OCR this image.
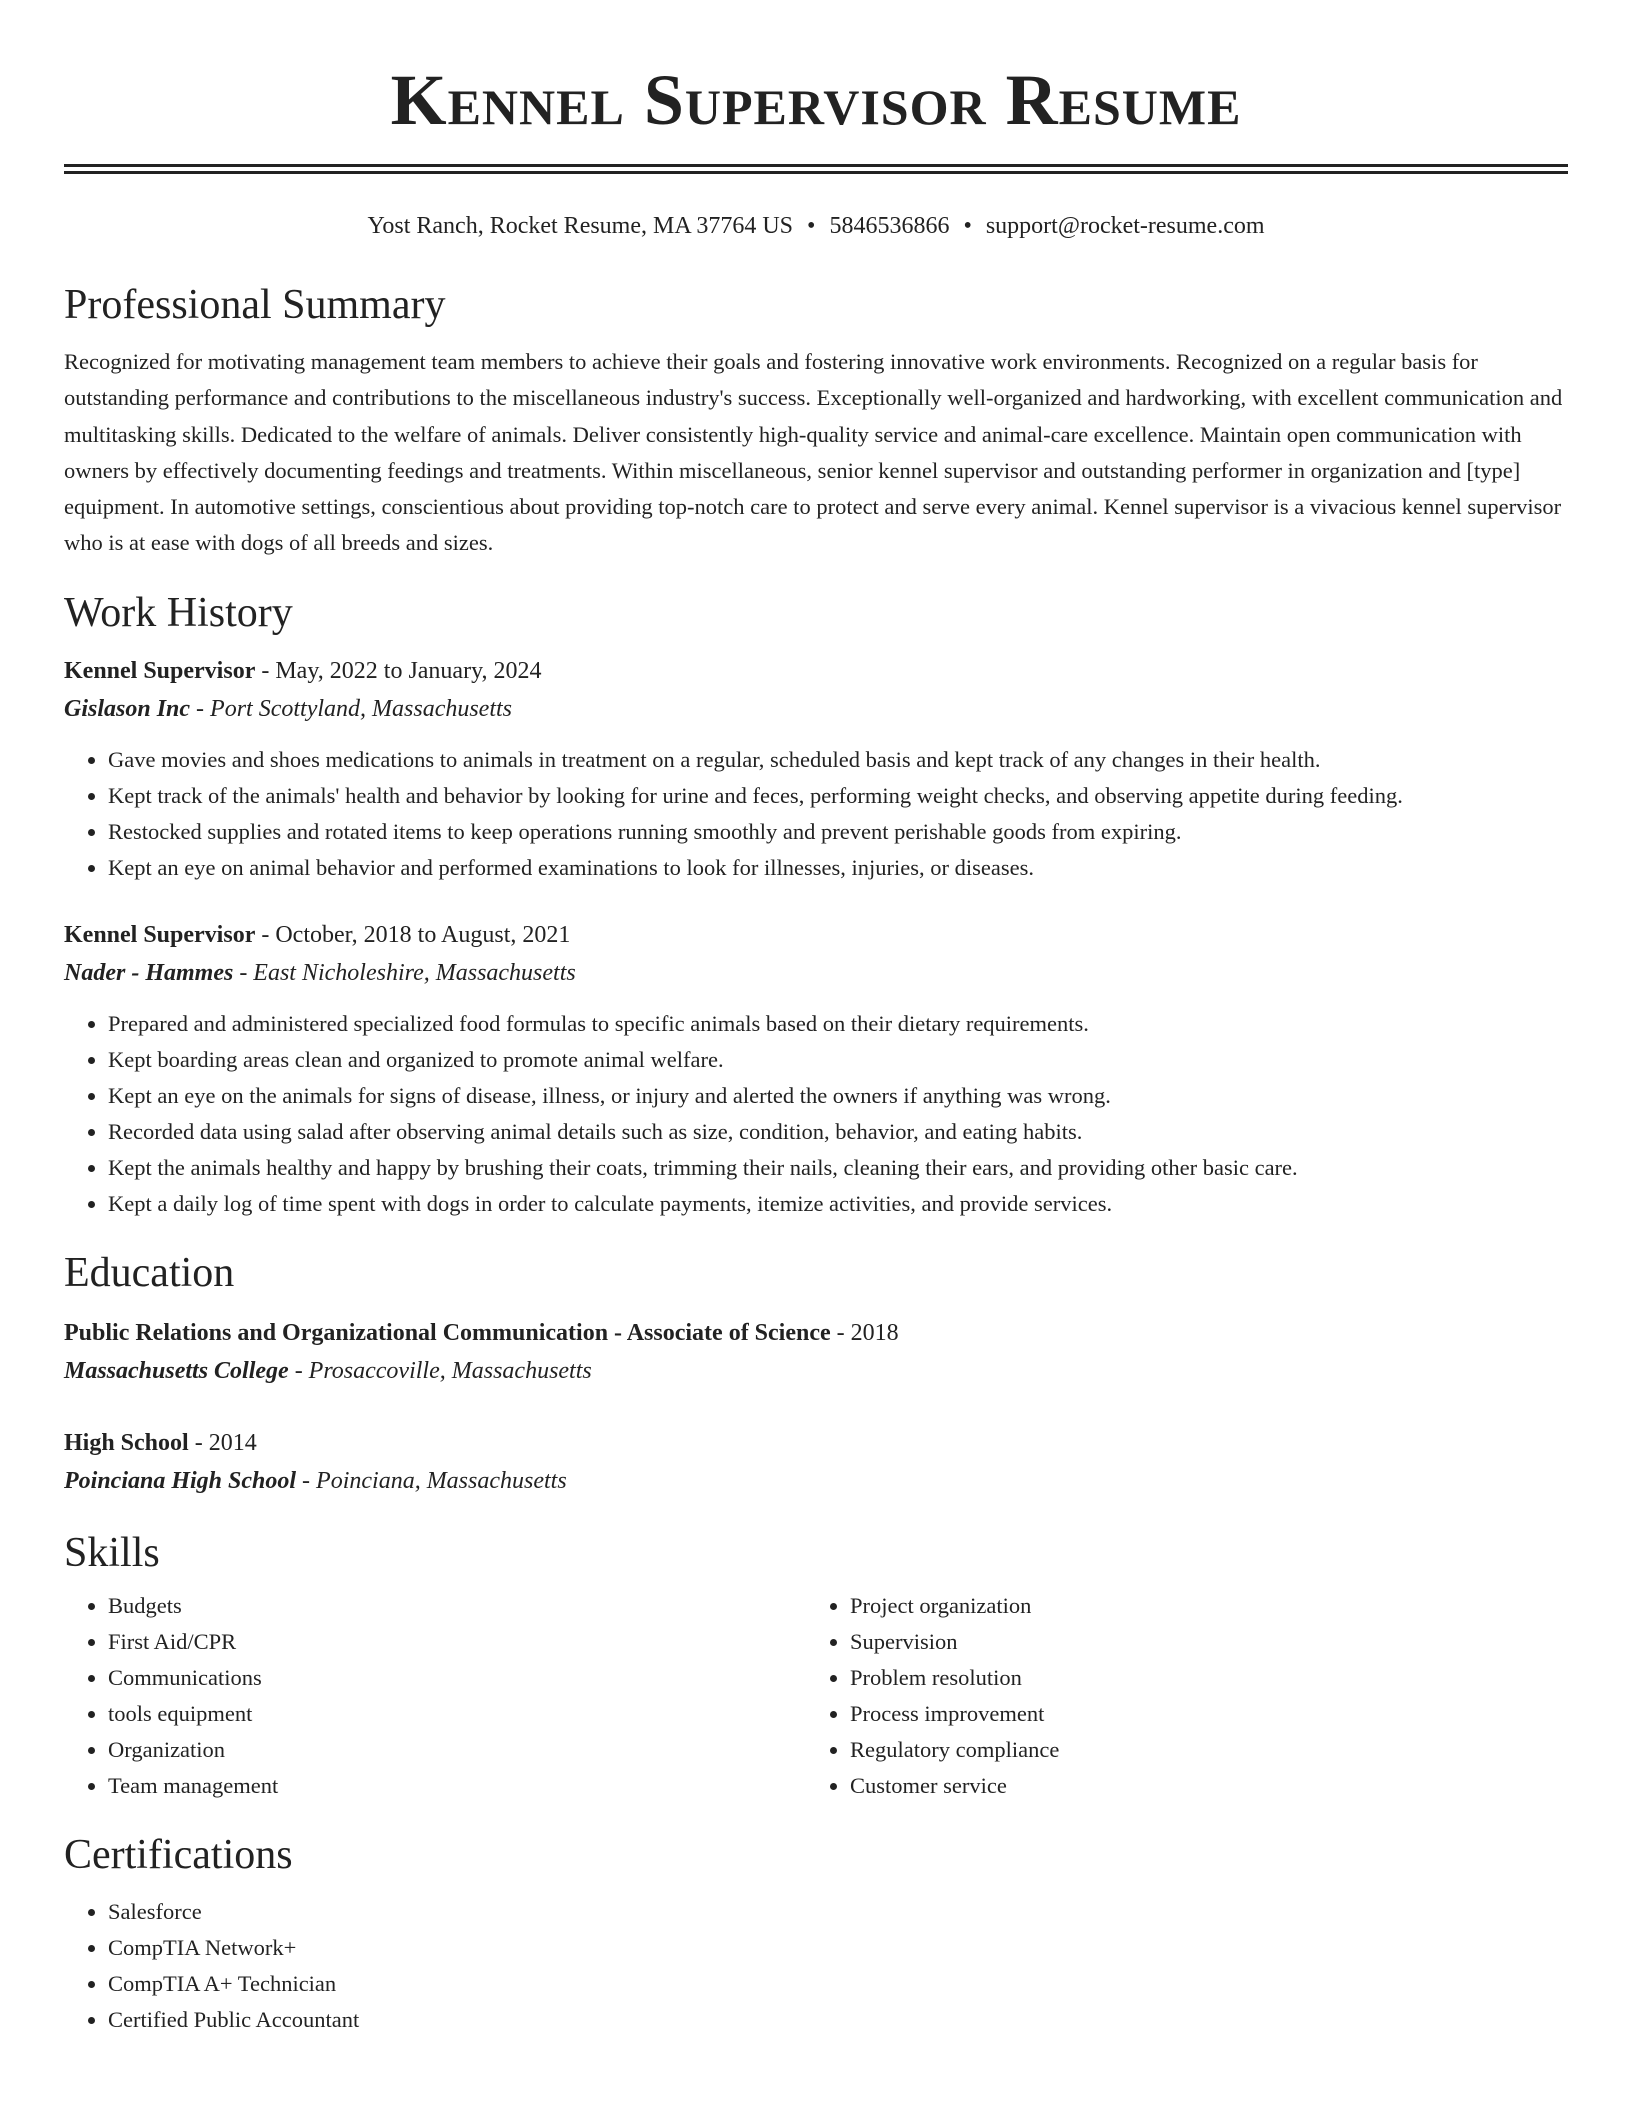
Kennel Supervisor Resume
Yost Ranch, Rocket Resume, MA 37764 US • 5846536866 • support@rocket-resume.com
Professional Summary
Recognized for motivating management team members to achieve their goals and fostering innovative work environments. Recognized on a regular basis for outstanding performance and contributions to the miscellaneous industry's success. Exceptionally well-organized and hardworking, with excellent communication and multitasking skills. Dedicated to the welfare of animals. Deliver consistently high-quality service and animal-care excellence. Maintain open communication with owners by effectively documenting feedings and treatments. Within miscellaneous, senior kennel supervisor and outstanding performer in organization and [type] equipment. In automotive settings, conscientious about providing top-notch care to protect and serve every animal. Kennel supervisor is a vivacious kennel supervisor who is at ease with dogs of all breeds and sizes.
Work History
Kennel Supervisor - May, 2022 to January, 2024
Gislason Inc - Port Scottyland, Massachusetts
• Gave movies and shoes medications to animals in treatment on a regular, scheduled basis and kept track of any changes in their health.
• Kept track of the animals' health and behavior by looking for urine and feces, performing weight checks, and observing appetite during feeding.
• Restocked supplies and rotated items to keep operations running smoothly and prevent perishable goods from expiring.
• Kept an eye on animal behavior and performed examinations to look for illnesses, injuries, or diseases.
Kennel Supervisor - October, 2018 to August, 2021
Nader - Hammes - East Nicholeshire, Massachusetts
• Prepared and administered specialized food formulas to specific animals based on their dietary requirements.
• Kept boarding areas clean and organized to promote animal welfare.
• Kept an eye on the animals for signs of disease, illness, or injury and alerted the owners if anything was wrong.
• Recorded data using salad after observing animal details such as size, condition, behavior, and eating habits.
• Kept the animals healthy and happy by brushing their coats, trimming their nails, cleaning their ears, and providing other basic care.
• Kept a daily log of time spent with dogs in order to calculate payments, itemize activities, and provide services.
Education
Public Relations and Organizational Communication - Associate of Science - 2018
Massachusetts College - Prosaccoville, Massachusetts
High School - 2014
Poinciana High School - Poinciana, Massachusetts
Skills
• Budgets
• First Aid/CPR
• Communications
• tools equipment
• Organization
• Team management
• Project organization
• Supervision
• Problem resolution
• Process improvement
• Regulatory compliance
• Customer service
Certifications
• Salesforce
• CompTIA Network+
• CompTIA A+ Technician
• Certified Public Accountant
